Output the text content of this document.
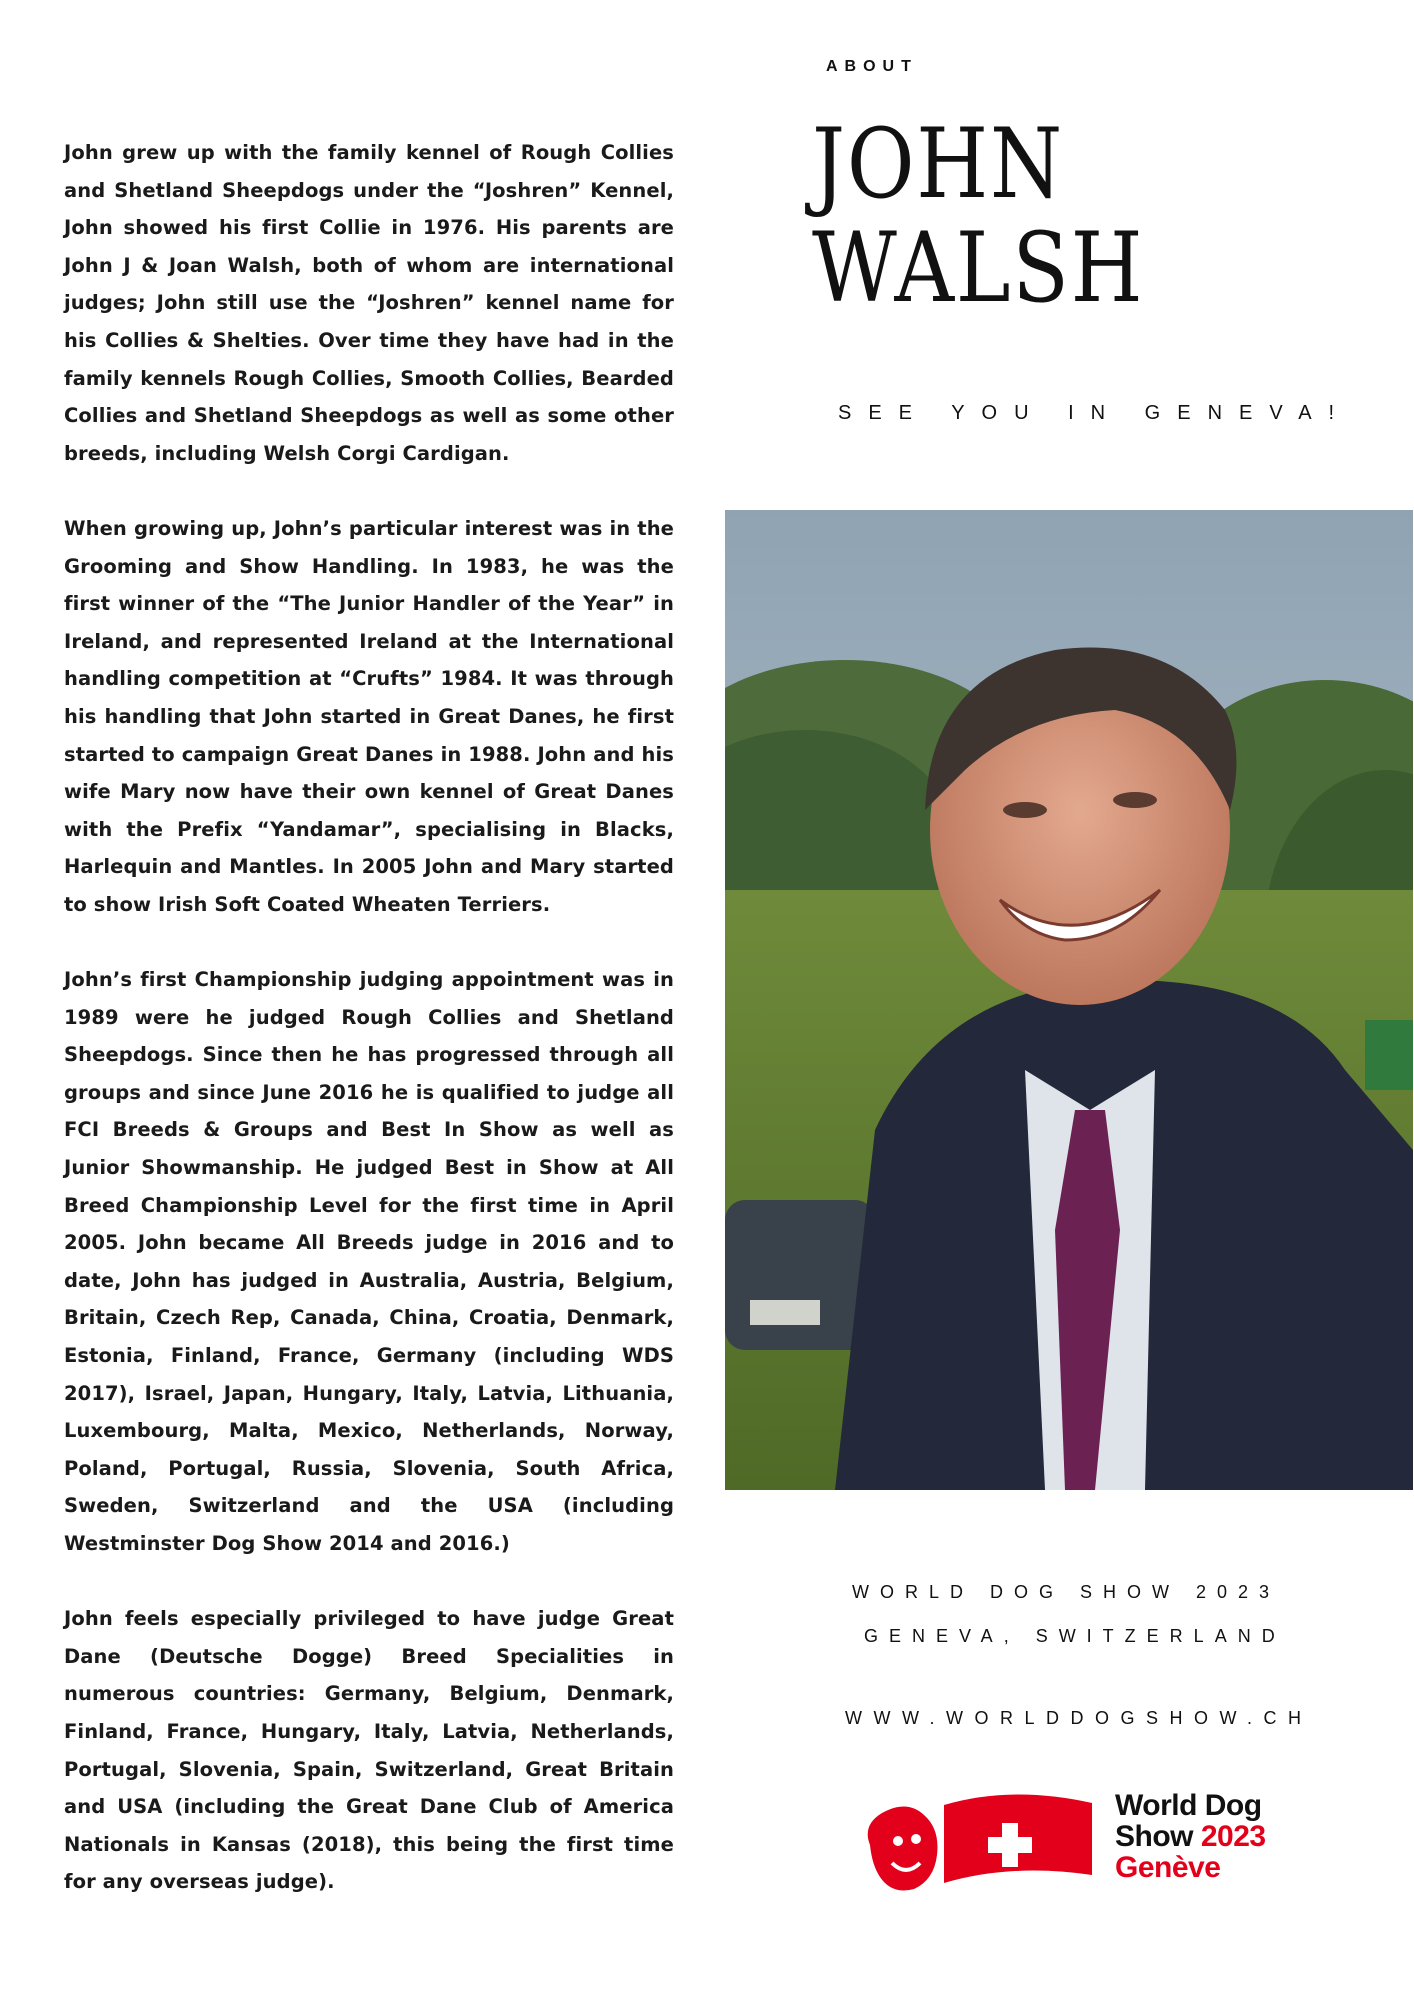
John grew up with the family kennel of Rough Collies and Shetland Sheepdogs under the “Joshren” Kennel, John showed his first Collie in 1976. His parents are John J & Joan Walsh, both of whom are international judges; John still use the “Joshren” kennel name for his Collies & Shelties. Over time they have had in the family kennels Rough Collies, Smooth Collies, Bearded Collies and Shetland Sheepdogs as well as some other breeds, including Welsh Corgi Cardigan.

When growing up, John’s particular interest was in the Grooming and Show Handling. In 1983, he was the first winner of the “The Junior Handler of the Year” in Ireland, and represented Ireland at the International handling competition at “Crufts” 1984. It was through his handling that John started in Great Danes, he first started to campaign Great Danes in 1988. John and his wife Mary now have their own kennel of Great Danes with the Prefix “Yandamar”, specialising in Blacks, Harlequin and Mantles. In 2005 John and Mary started to show Irish Soft Coated Wheaten Terriers.

John’s first Championship judging appointment was in 1989 were he judged Rough Collies and Shetland Sheepdogs. Since then he has progressed through all groups and since June 2016 he is qualified to judge all FCI Breeds & Groups and Best In Show as well as Junior Showmanship. He judged Best in Show at All Breed Championship Level for the first time in April 2005. John became All Breeds judge in 2016 and to date, John has judged in Australia, Austria, Belgium, Britain, Czech Rep, Canada, China, Croatia, Denmark, Estonia, Finland, France, Germany (including WDS 2017), Israel, Japan, Hungary, Italy, Latvia, Lithuania, Luxembourg, Malta, Mexico, Netherlands, Norway, Poland, Portugal, Russia, Slovenia, South Africa, Sweden, Switzerland and the USA (including Westminster Dog Show 2014 and 2016.)

John feels especially privileged to have judge Great Dane (Deutsche Dogge) Breed Specialities in numerous countries: Germany, Belgium, Denmark, Finland, France, Hungary, Italy, Latvia, Netherlands, Portugal, Slovenia, Spain, Switzerland, Great Britain and USA (including the Great Dane Club of America Nationals in Kansas (2018), this being the first time for any overseas judge).

ABOUT
JOHN
WALSH
SEE YOU IN GENEVA!
WORLD DOG SHOW 2023
GENEVA, SWITZERLAND
WWW.WORLDDOGSHOW.CH
World Dog
Show 2023
Genève
